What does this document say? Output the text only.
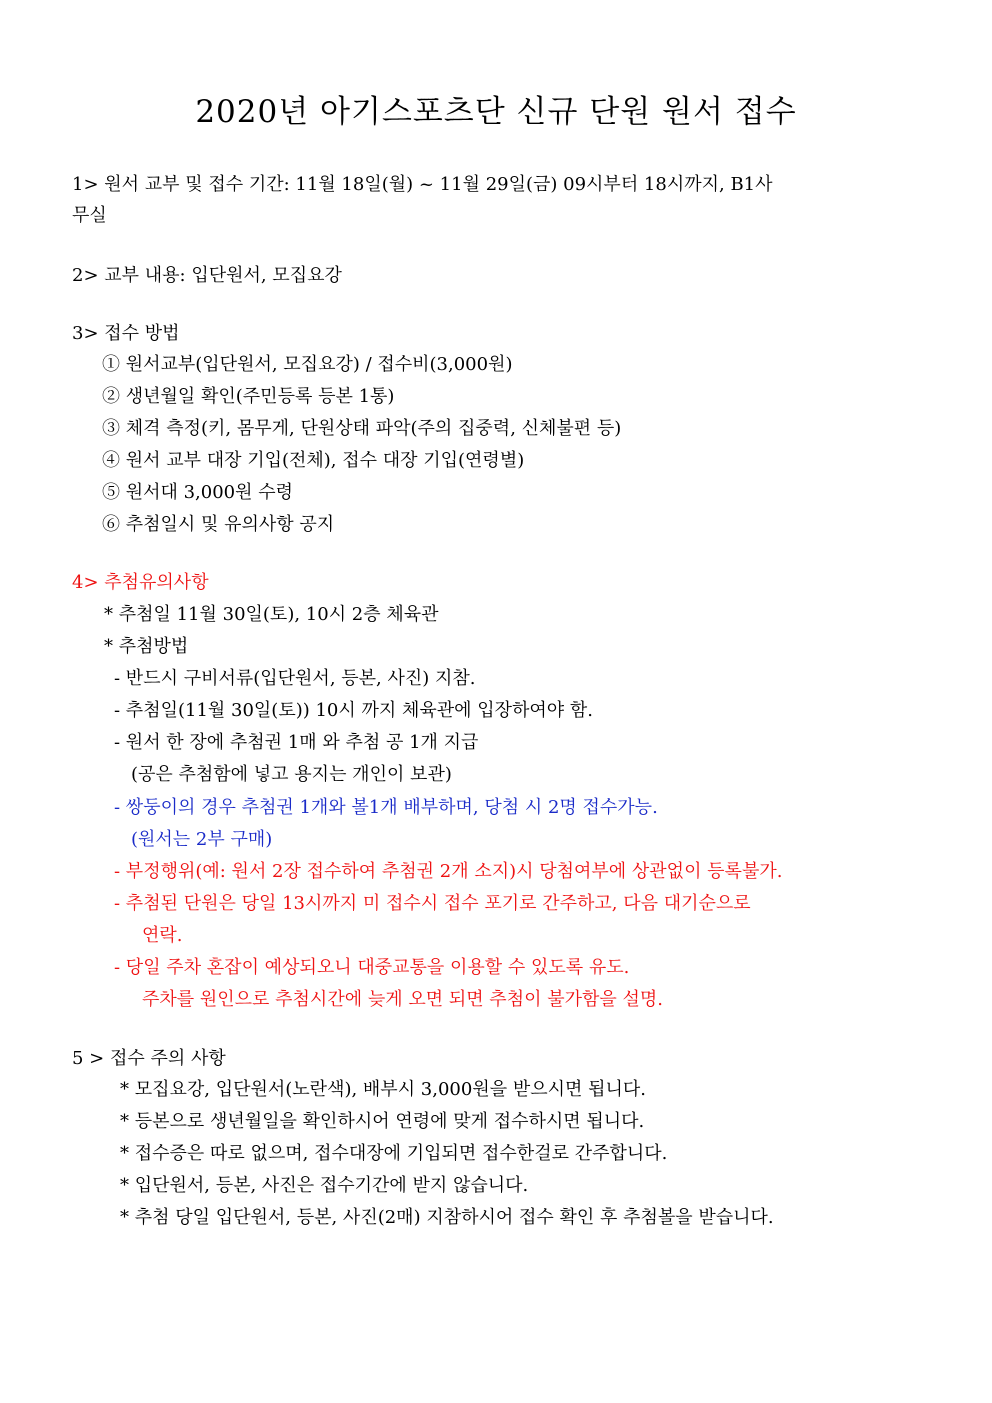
2020년 아기스포츠단 신규 단원 원서 접수
1> 원서 교부 및 접수 기간: 11월 18일(월) ~ 11월 29일(금) 09시부터 18시까지, B1사
무실
2> 교부 내용: 입단원서, 모집요강
3> 접수 방법
① 원서교부(입단원서, 모집요강) / 접수비(3,000원)
② 생년월일 확인(주민등록 등본 1통)
③ 체격 측정(키, 몸무게, 단원상태 파악(주의 집중력, 신체불편 등)
④ 원서 교부 대장 기입(전체), 접수 대장 기입(연령별)
⑤ 원서대 3,000원 수령
⑥ 추첨일시 및 유의사항 공지
4> 추첨유의사항
* 추첨일 11월 30일(토), 10시 2층 체육관
* 추첨방법
- 반드시 구비서류(입단원서, 등본, 사진) 지참.
- 추첨일(11월 30일(토)) 10시 까지 체육관에 입장하여야 함.
- 원서 한 장에 추첨권 1매 와 추첨 공 1개 지급
(공은 추첨함에 넣고 용지는 개인이 보관)
- 쌍둥이의 경우 추첨권 1개와 볼1개 배부하며, 당첨 시 2명 접수가능.
(원서는 2부 구매)
- 부정행위(예: 원서 2장 접수하여 추첨권 2개 소지)시 당첨여부에 상관없이 등록불가.
- 추첨된 단원은 당일 13시까지 미 접수시 접수 포기로 간주하고, 다음 대기순으로
연락.
- 당일 주차 혼잡이 예상되오니 대중교통을 이용할 수 있도록 유도.
주차를 원인으로 추첨시간에 늦게 오면 되면 추첨이 불가함을 설명.
5 > 접수 주의 사항
* 모집요강, 입단원서(노란색), 배부시 3,000원을 받으시면 됩니다.
* 등본으로 생년월일을 확인하시어 연령에 맞게 접수하시면 됩니다.
* 접수증은 따로 없으며, 접수대장에 기입되면 접수한걸로 간주합니다.
* 입단원서, 등본, 사진은 접수기간에 받지 않습니다.
* 추첨 당일 입단원서, 등본, 사진(2매) 지참하시어 접수 확인 후 추첨볼을 받습니다.
